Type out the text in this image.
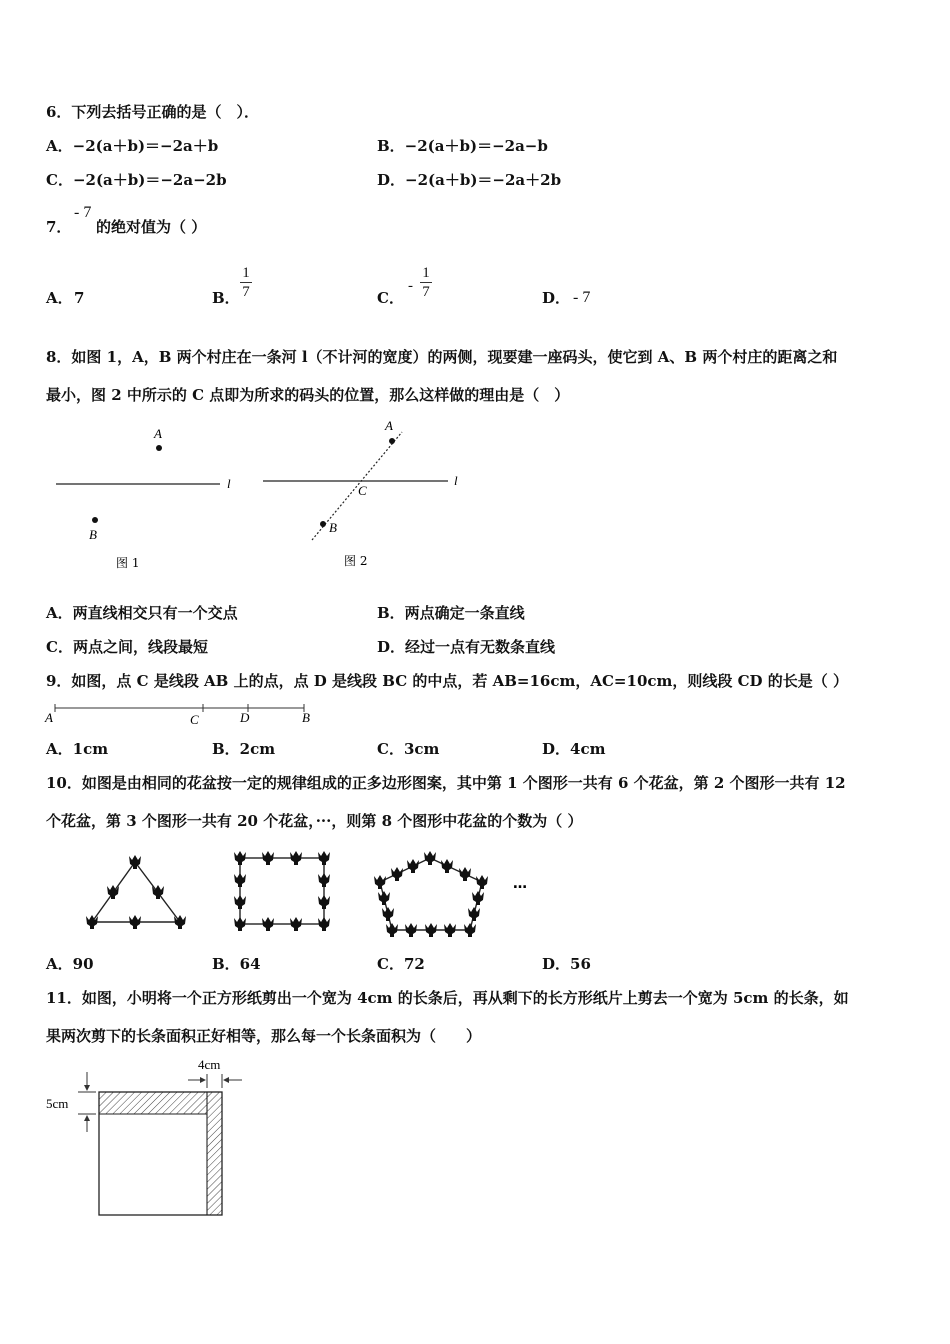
6．下列去括号正确的是（　）．
A．−2(a＋b)＝−2a＋b	B．−2(a＋b)＝−2a−b
C．−2(a＋b)＝−2a−2b	D．−2(a＋b)＝−2a＋2b
7．
- 7
的绝对值为（ ）
A． 7	B．
1
7	C．
-
1
7	D． - 7
8．如图 1，A，B 两个村庄在一条河 l（不计河的宽度）的两侧，现要建一座码头，使它到 A、B 两个村庄的距离之和
最小，图 2 中所示的 C 点即为所求的码头的位置，那么这样做的理由是（　）
A
B
l
图 1
A
B
C
l
图 2
A．两直线相交只有一个交点	B．两点确定一条直线
C．两点之间，线段最短	D．经过一点有无数条直线
9．如图，点 C 是线段 AB 上的点，点 D 是线段 BC 的中点，若 AB=16cm，AC=10cm，则线段 CD 的长是（ ）
A	C	D	B
A．1cm	B．2cm	C．3cm	D．4cm
10．如图是由相同的花盆按一定的规律组成的正多边形图案，其中第 1 个图形一共有 6 个花盆，第 2 个图形一共有 12
个花盆，第 3 个图形一共有 20 个花盆，···，则第 8 个图形中花盆的个数为（ ）
…
A．90	B．64	C．72	D．56
11．如图，小明将一个正方形纸剪出一个宽为 4cm 的长条后，再从剩下的长方形纸片上剪去一个宽为 5cm 的长条，如
果两次剪下的长条面积正好相等，那么每一个长条面积为（　　）
4cm
5cm
